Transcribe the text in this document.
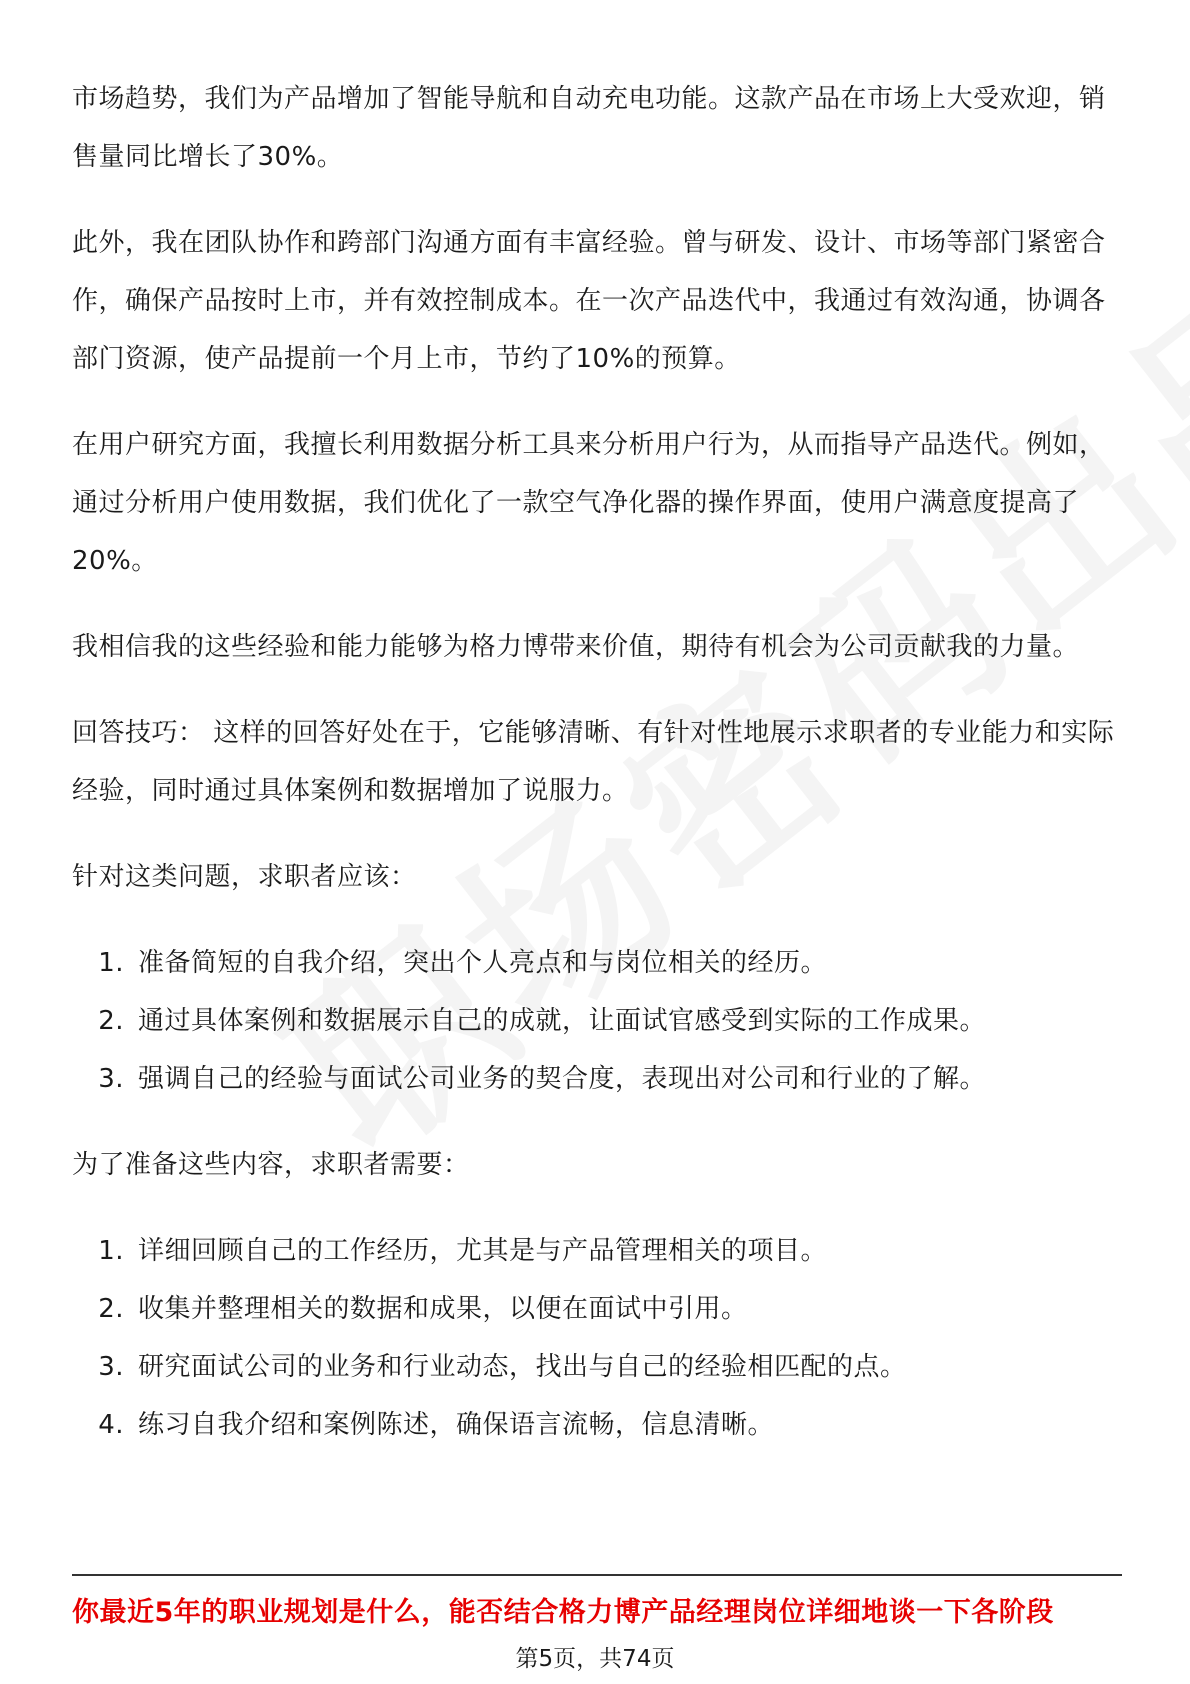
市场趋势，我们为产品增加了智能导航和自动充电功能。这款产品在市场上大受欢迎，销售量同比增长了30%。

此外，我在团队协作和跨部门沟通方面有丰富经验。曾与研发、设计、市场等部门紧密合作，确保产品按时上市，并有效控制成本。在一次产品迭代中，我通过有效沟通，协调各部门资源，使产品提前一个月上市，节约了10%的预算。

在用户研究方面，我擅长利用数据分析工具来分析用户行为，从而指导产品迭代。例如，通过分析用户使用数据，我们优化了一款空气净化器的操作界面，使用户满意度提高了20%。

我相信我的这些经验和能力能够为格力博带来价值，期待有机会为公司贡献我的力量。

回答技巧： 这样的回答好处在于，它能够清晰、有针对性地展示求职者的专业能力和实际经验，同时通过具体案例和数据增加了说服力。

针对这类问题，求职者应该：

1. 准备简短的自我介绍，突出个人亮点和与岗位相关的经历。
2. 通过具体案例和数据展示自己的成就，让面试官感受到实际的工作成果。
3. 强调自己的经验与面试公司业务的契合度，表现出对公司和行业的了解。

为了准备这些内容，求职者需要：

1. 详细回顾自己的工作经历，尤其是与产品管理相关的项目。
2. 收集并整理相关的数据和成果，以便在面试中引用。
3. 研究面试公司的业务和行业动态，找出与自己的经验相匹配的点。
4. 练习自我介绍和案例陈述，确保语言流畅，信息清晰。
你最近5年的职业规划是什么，能否结合格力博产品经理岗位详细地谈一下各阶段
第5页，共74页
